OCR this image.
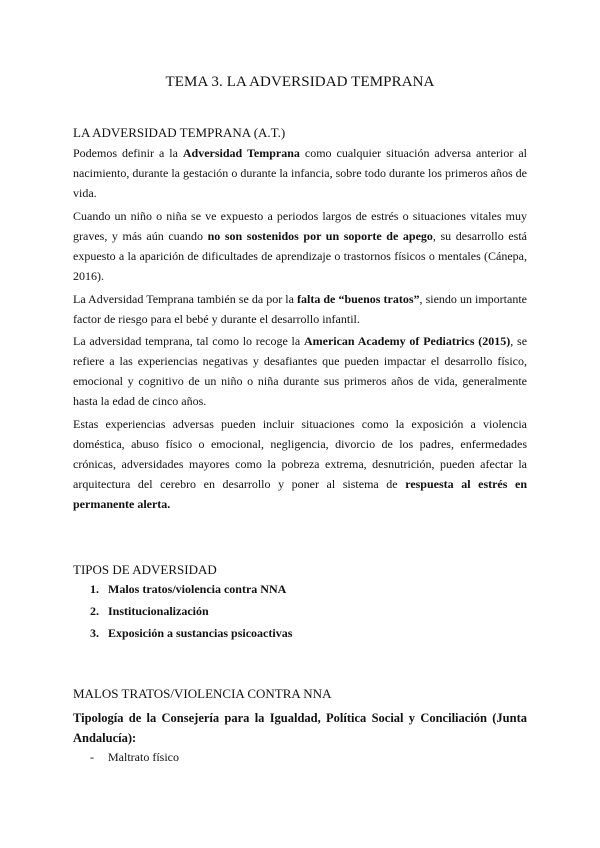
TEMA 3. LA ADVERSIDAD TEMPRANA
LA ADVERSIDAD TEMPRANA (A.T.)
Podemos definir a la Adversidad Temprana como cualquier situación adversa anterior al nacimiento, durante la gestación o durante la infancia, sobre todo durante los primeros años de vida.
Cuando un niño o niña se ve expuesto a periodos largos de estrés o situaciones vitales muy graves, y más aún cuando no son sostenidos por un soporte de apego, su desarrollo está expuesto a la aparición de dificultades de aprendizaje o trastornos físicos o mentales (Cánepa, 2016).
La Adversidad Temprana también se da por la falta de “buenos tratos”, siendo un importante factor de riesgo para el bebé y durante el desarrollo infantil.
La adversidad temprana, tal como lo recoge la American Academy of Pediatrics (2015), se refiere a las experiencias negativas y desafiantes que pueden impactar el desarrollo físico, emocional y cognitivo de un niño o niña durante sus primeros años de vida, generalmente hasta la edad de cinco años.
Estas experiencias adversas pueden incluir situaciones como la exposición a violencia doméstica, abuso físico o emocional, negligencia, divorcio de los padres, enfermedades crónicas, adversidades mayores como la pobreza extrema, desnutrición, pueden afectar la arquitectura del cerebro en desarrollo y poner al sistema de respuesta al estrés en permanente alerta.
TIPOS DE ADVERSIDAD
1. Malos tratos/violencia contra NNA
2. Institucionalización
3. Exposición a sustancias psicoactivas
MALOS TRATOS/VIOLENCIA CONTRA NNA
Tipología de la Consejería para la Igualdad, Política Social y Conciliación (Junta Andalucía):
- Maltrato físico
